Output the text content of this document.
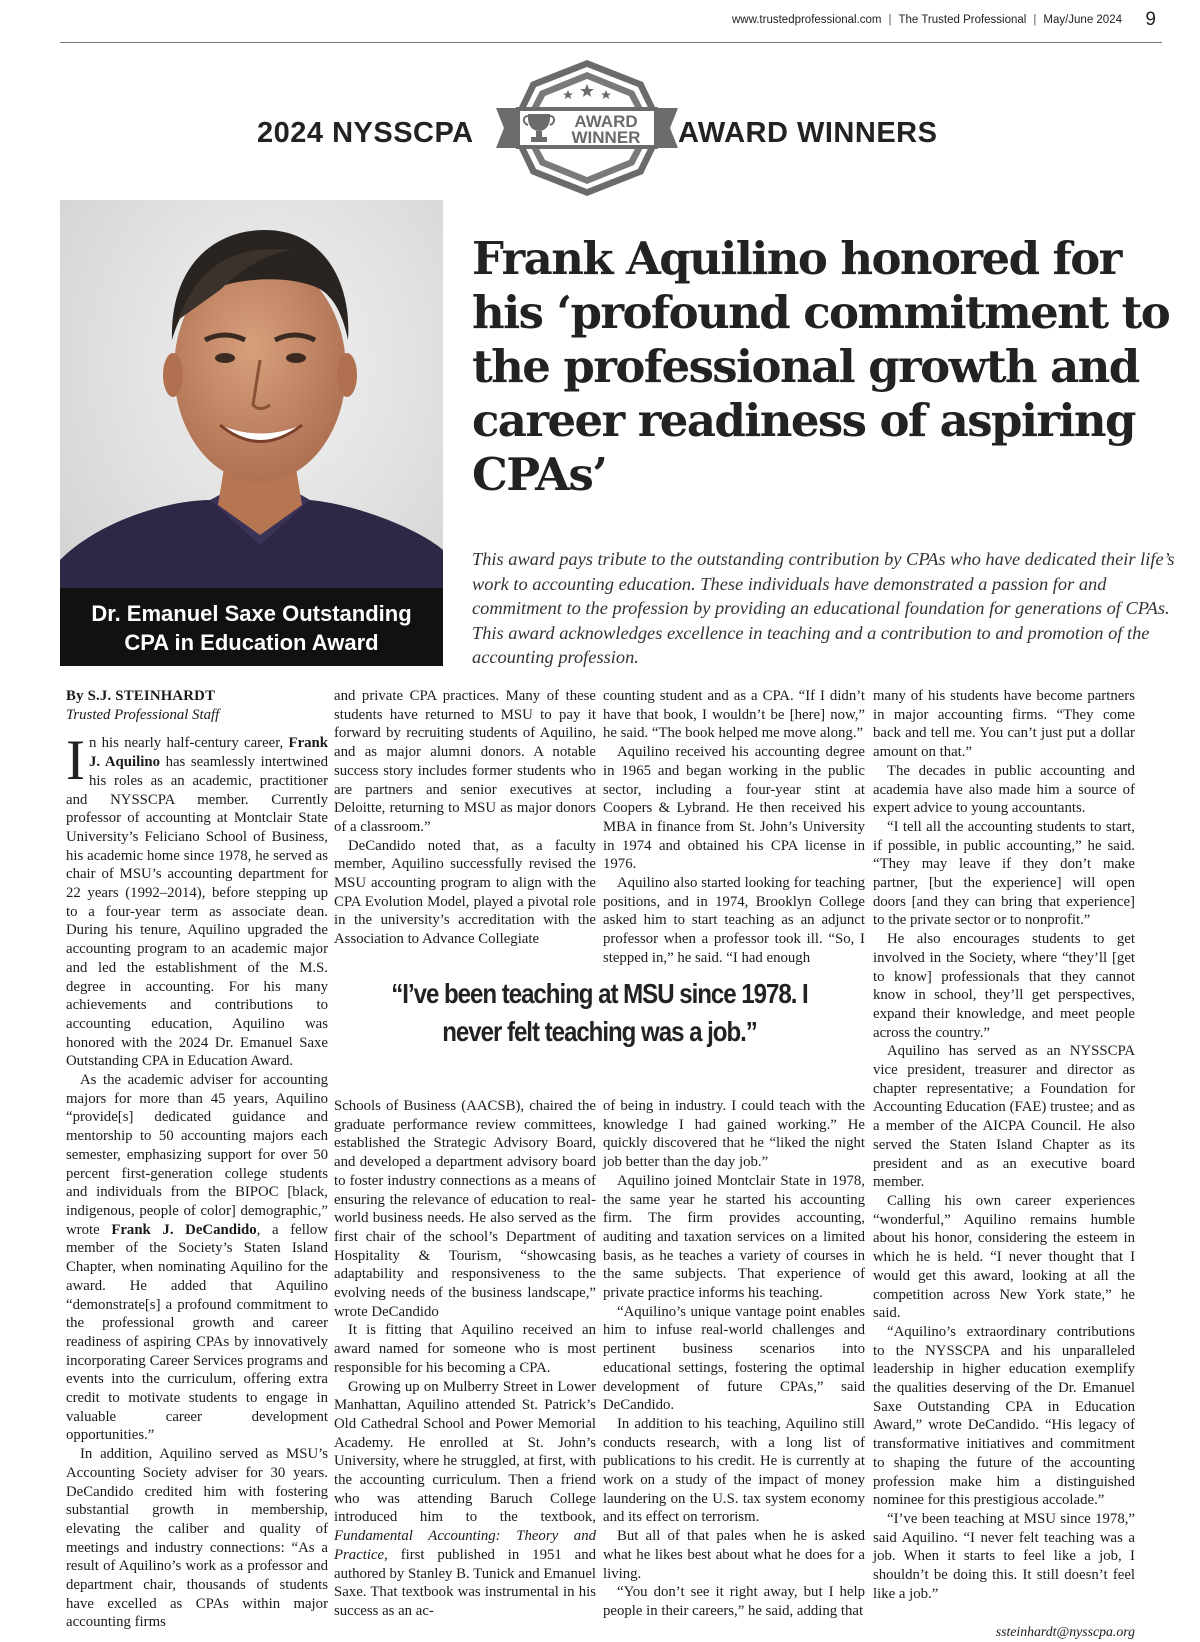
www.trustedprofessional.com | The Trusted Professional | May/June 2024 9
2024 NYSSCPA	AWARD
WINNER AWARD WINNERS
Dr. Emanuel Saxe Outstanding
CPA in Education Award
Frank Aquilino honored for his ‘profound commitment to the professional growth and career readiness of aspiring CPAs’
This award pays tribute to the outstanding contribution by CPAs who have dedicated their life’s work to accounting education. These individuals have demonstrated a passion for and commitment to the profession by providing an educational foundation for generations of CPAs. This award acknowledges excellence in teaching and a contribution to and promotion of the accounting profession.
By S.J. STEINHARDT
Trusted Professional Staff

In his nearly half-century career, Frank J. Aquilino has seamlessly intertwined his roles as an academic, practitioner and NYSSCPA member. Currently professor of accounting at Montclair State University’s Feliciano School of Business, his academic home since 1978, he served as chair of MSU’s accounting department for 22 years (1992–2014), before stepping up to a four-year term as associate dean. During his tenure, Aquilino upgraded the accounting program to an academic major and led the establishment of the M.S. degree in accounting. For his many achievements and contributions to accounting education, Aquilino was honored with the 2024 Dr. Emanuel Saxe Outstanding CPA in Education Award.

As the academic adviser for accounting majors for more than 45 years, Aquilino “provide[s] dedicated guidance and mentorship to 50 accounting majors each semester, emphasizing support for over 50 percent first-generation college students and individuals from the BIPOC [black, indigenous, people of color] demographic,” wrote Frank J. DeCandido, a fellow member of the Society’s Staten Island Chapter, when nominating Aquilino for the award. He added that Aquilino “demonstrate[s] a profound commitment to the professional growth and career readiness of aspiring CPAs by innovatively incorporating Career Services programs and events into the curriculum, offering extra credit to motivate students to engage in valuable career development opportunities.”

In addition, Aquilino served as MSU’s Accounting Society adviser for 30 years. DeCandido credited him with fostering substantial growth in membership, elevating the caliber and quality of meetings and industry connections: “As a result of Aquilino’s work as a professor and department chair, thousands of students have excelled as CPAs within major accounting firms

and private CPA practices. Many of these students have returned to MSU to pay it forward by recruiting students of Aquilino, and as major alumni donors. A notable success story includes former students who are partners and senior executives at Deloitte, returning to MSU as major donors of a classroom.”

DeCandido noted that, as a faculty member, Aquilino successfully revised the MSU accounting program to align with the CPA Evolution Model, played a pivotal role in the university’s accreditation with the Association to Advance Collegiate

counting student and as a CPA. “If I didn’t have that book, I wouldn’t be [here] now,” he said. “The book helped me move along.”

Aquilino received his accounting degree in 1965 and began working in the public sector, including a four-year stint at Coopers & Lybrand. He then received his MBA in finance from St. John’s University in 1974 and obtained his CPA license in 1976.

Aquilino also started looking for teaching positions, and in 1974, Brooklyn College asked him to start teaching as an adjunct professor when a professor took ill. “So, I stepped in,” he said. “I had enough

“I’ve been teaching at MSU since 1978. I never felt teaching was a job.”

Schools of Business (AACSB), chaired the graduate performance review committees, established the Strategic Advisory Board, and developed a department advisory board to foster industry connections as a means of ensuring the relevance of education to real-world business needs. He also served as the first chair of the school’s Department of Hospitality & Tourism, “showcasing adaptability and responsiveness to the evolving needs of the business landscape,” wrote DeCandido

It is fitting that Aquilino received an award named for someone who is most responsible for his becoming a CPA.

Growing up on Mulberry Street in Lower Manhattan, Aquilino attended St. Patrick’s Old Cathedral School and Power Memorial Academy. He enrolled at St. John’s University, where he struggled, at first, with the accounting curriculum. Then a friend who was attending Baruch College introduced him to the textbook, Fundamental Accounting: Theory and Practice, first published in 1951 and authored by Stanley B. Tunick and Emanuel Saxe. That textbook was instrumental in his success as an ac-

of being in industry. I could teach with the knowledge I had gained working.” He quickly discovered that he “liked the night job better than the day job.”

Aquilino joined Montclair State in 1978, the same year he started his accounting firm. The firm provides accounting, auditing and taxation services on a limited basis, as he teaches a variety of courses in the same subjects. That experience of private practice informs his teaching.

“Aquilino’s unique vantage point enables him to infuse real-world challenges and pertinent business scenarios into educational settings, fostering the optimal development of future CPAs,” said DeCandido.

In addition to his teaching, Aquilino still conducts research, with a long list of publications to his credit. He is currently at work on a study of the impact of money laundering on the U.S. tax system economy and its effect on terrorism.

But all of that pales when he is asked what he likes best about what he does for a living.

“You don’t see it right away, but I help people in their careers,” he said, adding that

many of his students have become partners in major accounting firms. “They come back and tell me. You can’t just put a dollar amount on that.”

The decades in public accounting and academia have also made him a source of expert advice to young accountants.

“I tell all the accounting students to start, if possible, in public accounting,” he said. “They may leave if they don’t make partner, [but the experience] will open doors [and they can bring that experience] to the private sector or to nonprofit.”

He also encourages students to get involved in the Society, where “they’ll [get to know] professionals that they cannot know in school, they’ll get perspectives, expand their knowledge, and meet people across the country.”

Aquilino has served as an NYSSCPA vice president, treasurer and director as chapter representative; a Foundation for Accounting Education (FAE) trustee; and as a member of the AICPA Council. He also served the Staten Island Chapter as its president and as an executive board member.

Calling his own career experiences “wonderful,” Aquilino remains humble about his honor, considering the esteem in which he is held. “I never thought that I would get this award, looking at all the competition across New York state,” he said.

“Aquilino’s extraordinary contributions to the NYSSCPA and his unparalleled leadership in higher education exemplify the qualities deserving of the Dr. Emanuel Saxe Outstanding CPA in Education Award,” wrote DeCandido. “His legacy of transformative initiatives and commitment to shaping the future of the accounting profession make him a distinguished nominee for this prestigious accolade.”

“I’ve been teaching at MSU since 1978,” said Aquilino. “I never felt teaching was a job. When it starts to feel like a job, I shouldn’t be doing this. It still doesn’t feel like a job.”

ssteinhardt@nysscpa.org
